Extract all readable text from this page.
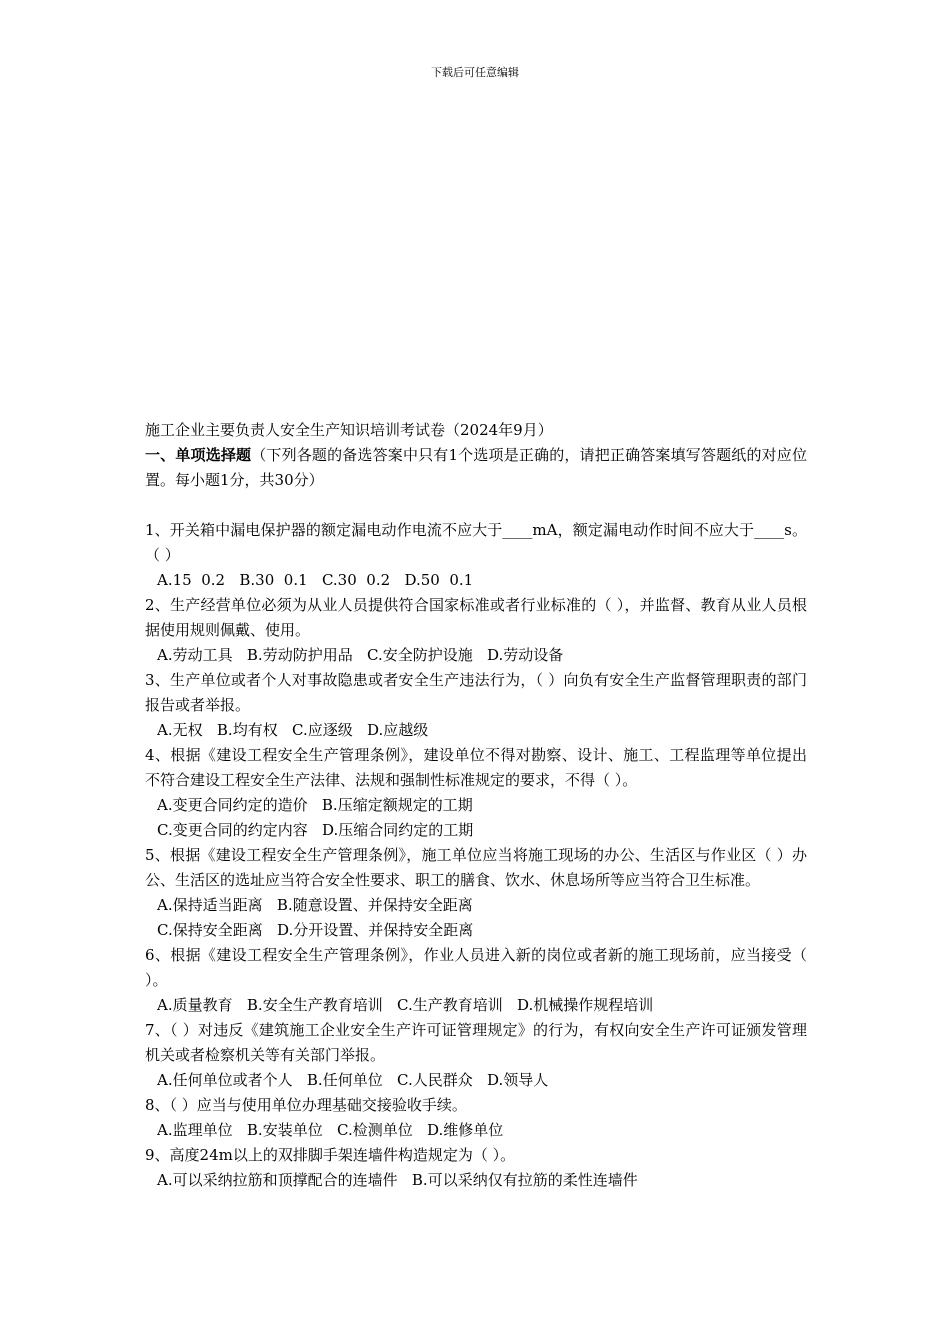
下载后可任意编辑

施工企业主要负责人安全生产知识培训考试卷（2024年9月）

一、单项选择题（下列各题的备选答案中只有1个选项是正确的，请把正确答案填写答题纸的对应位置。每小题1分，共30分）

1、开关箱中漏电保护器的额定漏电动作电流不应大于____mA，额定漏电动作时间不应大于____s。（ ）

A.15  0.2   B.30  0.1   C.30  0.2   D.50  0.1

2、生产经营单位必须为从业人员提供符合国家标准或者行业标准的（ ），并监督、教育从业人员根据使用规则佩戴、使用。

A.劳动工具   B.劳动防护用品   C.安全防护设施   D.劳动设备

3、生产单位或者个人对事故隐患或者安全生产违法行为，（ ）向负有安全生产监督管理职责的部门报告或者举报。

A.无权   B.均有权   C.应逐级   D.应越级

4、根据《建设工程安全生产管理条例》，建设单位不得对勘察、设计、施工、工程监理等单位提出不符合建设工程安全生产法律、法规和强制性标准规定的要求，不得（ ）。

A.变更合同约定的造价   B.压缩定额规定的工期

C.变更合同的约定内容   D.压缩合同约定的工期

5、根据《建设工程安全生产管理条例》，施工单位应当将施工现场的办公、生活区与作业区（ ）办公、生活区的选址应当符合安全性要求、职工的膳食、饮水、休息场所等应当符合卫生标准。

A.保持适当距离   B.随意设置、并保持安全距离

C.保持安全距离   D.分开设置、并保持安全距离

6、根据《建设工程安全生产管理条例》，作业人员进入新的岗位或者新的施工现场前，应当接受（ ）。

A.质量教育   B.安全生产教育培训   C.生产教育培训   D.机械操作规程培训

7、（ ）对违反《建筑施工企业安全生产许可证管理规定》的行为，有权向安全生产许可证颁发管理机关或者检察机关等有关部门举报。

A.任何单位或者个人   B.任何单位   C.人民群众   D.领导人

8、（ ）应当与使用单位办理基础交接验收手续。

A.监理单位   B.安装单位   C.检测单位   D.维修单位

9、高度24m以上的双排脚手架连墙件构造规定为（ ）。

A.可以采纳拉筋和顶撑配合的连墙件   B.可以采纳仅有拉筋的柔性连墙件
